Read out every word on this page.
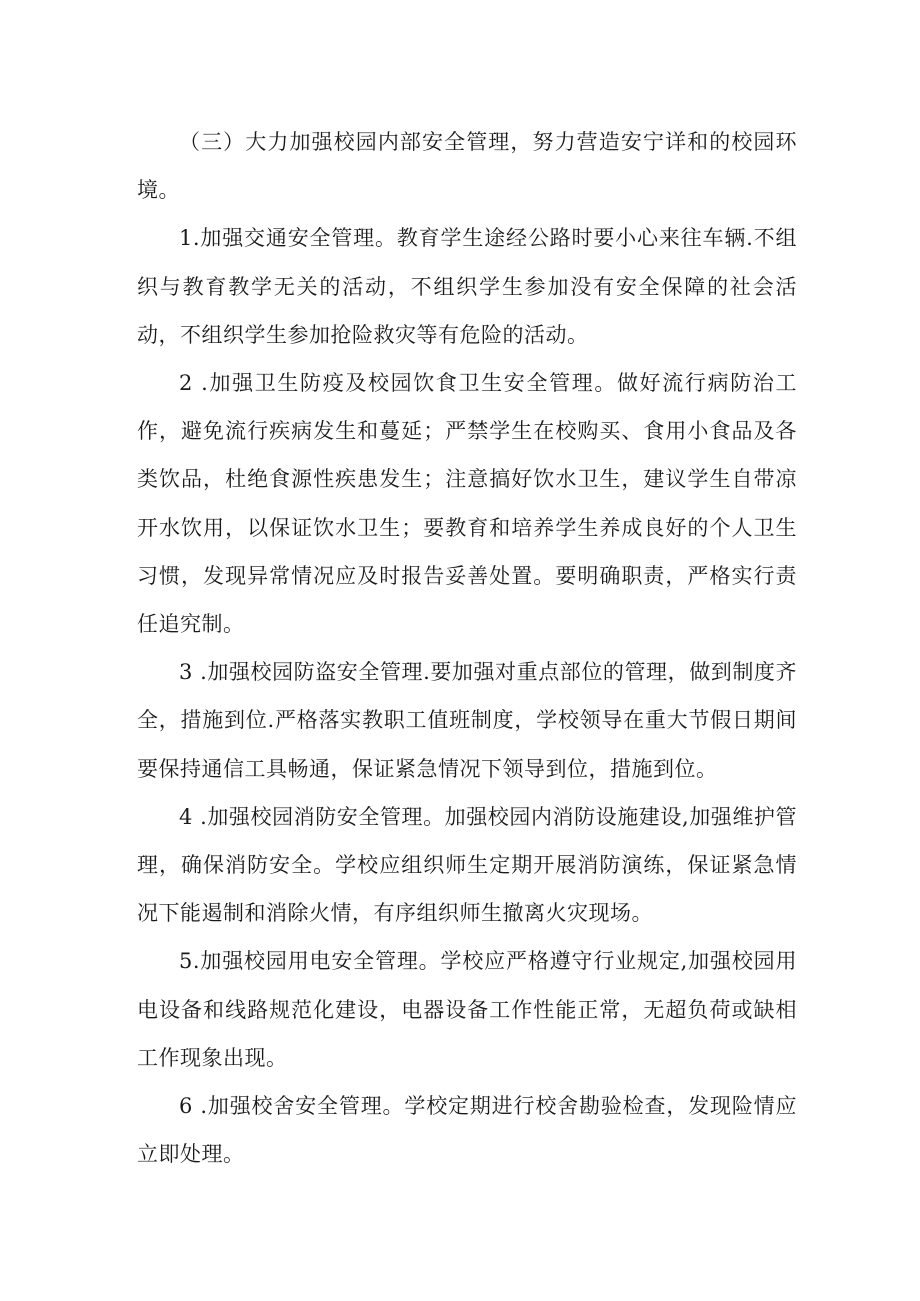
（三）大力加强校园内部安全管理，努力营造安宁详和的校园环境。

1.加强交通安全管理。教育学生途经公路时要小心来往车辆.不组织与教育教学无关的活动，不组织学生参加没有安全保障的社会活动，不组织学生参加抢险救灾等有危险的活动。

2 .加强卫生防疫及校园饮食卫生安全管理。做好流行病防治工作，避免流行疾病发生和蔓延；严禁学生在校购买、食用小食品及各类饮品，杜绝食源性疾患发生；注意搞好饮水卫生，建议学生自带凉开水饮用，以保证饮水卫生；要教育和培养学生养成良好的个人卫生习惯，发现异常情况应及时报告妥善处置。要明确职责，严格实行责任追究制。

3 .加强校园防盗安全管理.要加强对重点部位的管理，做到制度齐全，措施到位.严格落实教职工值班制度，学校领导在重大节假日期间要保持通信工具畅通，保证紧急情况下领导到位，措施到位。

4 .加强校园消防安全管理。加强校园内消防设施建设,加强维护管理，确保消防安全。学校应组织师生定期开展消防演练，保证紧急情况下能遏制和消除火情，有序组织师生撤离火灾现场。

5.加强校园用电安全管理。学校应严格遵守行业规定,加强校园用电设备和线路规范化建设，电器设备工作性能正常，无超负荷或缺相工作现象出现。

6 .加强校舍安全管理。学校定期进行校舍勘验检查，发现险情应立即处理。
